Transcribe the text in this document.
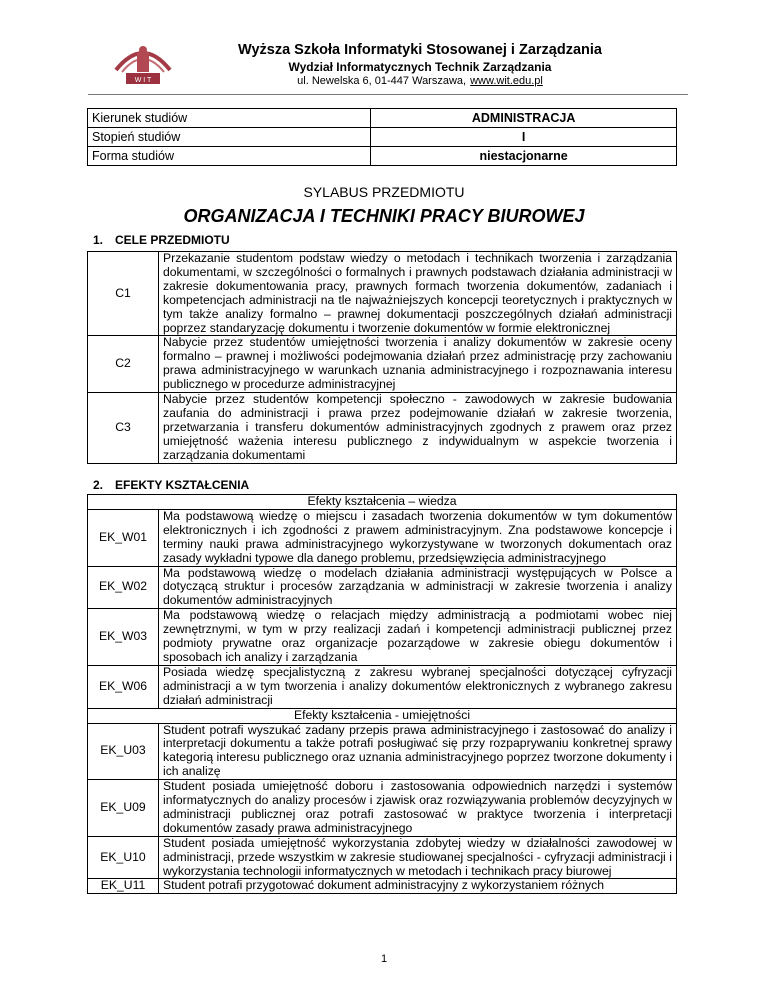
W I T
Wyższa Szkoła Informatyki Stosowanej i Zarządzania
Wydział Informatycznych Technik Zarządzania
ul. Newelska 6, 01-447 Warszawa, www.wit.edu.pl
Kierunek studiów	ADMINISTRACJA
Stopień studiów	I
Forma studiów	niestacjonarne
SYLABUS PRZEDMIOTU
ORGANIZACJA I TECHNIKI PRACY BIUROWEJ
1. CELE PRZEDMIOTU
C1	Przekazanie studentom podstaw wiedzy o metodach i technikach tworzenia i zarządzania dokumentami, w szczególności o formalnych i prawnych podstawach działania administracji w zakresie dokumentowania pracy, prawnych formach tworzenia dokumentów, zadaniach i kompetencjach administracji na tle najważniejszych koncepcji teoretycznych i praktycznych w tym także analizy formalno – prawnej dokumentacji poszczególnych działań administracji poprzez standaryzację dokumentu i tworzenie dokumentów w formie elektronicznej
C2	Nabycie przez studentów umiejętności tworzenia i analizy dokumentów w zakresie oceny formalno – prawnej i możliwości podejmowania działań przez administrację przy zachowaniu prawa administracyjnego w warunkach uznania administracyjnego i rozpoznawania interesu publicznego w procedurze administracyjnej
C3	Nabycie przez studentów kompetencji społeczno - zawodowych w zakresie budowania zaufania do administracji i prawa przez podejmowanie działań w zakresie tworzenia, przetwarzania i transferu dokumentów administracyjnych zgodnych z prawem oraz przez umiejętność ważenia interesu publicznego z indywidualnym w aspekcie tworzenia i zarządzania dokumentami
2. EFEKTY KSZTAŁCENIA
Efekty kształcenia – wiedza	
EK_W01	Ma podstawową wiedzę o miejscu i zasadach tworzenia dokumentów w tym dokumentów elektronicznych i ich zgodności z prawem administracyjnym. Zna podstawowe koncepcje i terminy nauki prawa administracyjnego wykorzystywane w tworzonych dokumentach oraz zasady wykładni typowe dla danego problemu, przedsięwzięcia administracyjnego
EK_W02	Ma podstawową wiedzę o modelach działania administracji występujących w Polsce a dotyczącą struktur i procesów zarządzania w administracji w zakresie tworzenia i analizy dokumentów administracyjnych
EK_W03	Ma podstawową wiedzę o relacjach między administracją a podmiotami wobec niej zewnętrznymi, w tym w przy realizacji zadań i kompetencji administracji publicznej przez podmioty prywatne oraz organizacje pozarządowe w zakresie obiegu dokumentów i sposobach ich analizy i zarządzania
EK_W06	Posiada wiedzę specjalistyczną z zakresu wybranej specjalności dotyczącej cyfryzacji administracji a w tym tworzenia i analizy dokumentów elektronicznych z wybranego zakresu działań administracji
Efekty kształcenia - umiejętności	
EK_U03	Student potrafi wyszukać zadany przepis prawa administracyjnego i zastosować do analizy i interpretacji dokumentu a także potrafi posługiwać się przy rozpaprywaniu konkretnej sprawy kategorią interesu publicznego oraz uznania administracyjnego poprzez tworzone dokumenty i ich analizę
EK_U09	Student posiada umiejętność doboru i zastosowania odpowiednich narzędzi i systemów informatycznych do analizy procesów i zjawisk oraz rozwiązywania problemów decyzyjnych w administracji publicznej oraz potrafi zastosować w praktyce tworzenia i interpretacji dokumentów zasady prawa administracyjnego
EK_U10	Student posiada umiejętność wykorzystania zdobytej wiedzy w działalności zawodowej w administracji, przede wszystkim w zakresie studiowanej specjalności - cyfryzacji administracji i wykorzystania technologii informatycznych w metodach i technikach pracy biurowej
EK_U11	Student potrafi przygotować dokument administracyjny z wykorzystaniem różnych
1
